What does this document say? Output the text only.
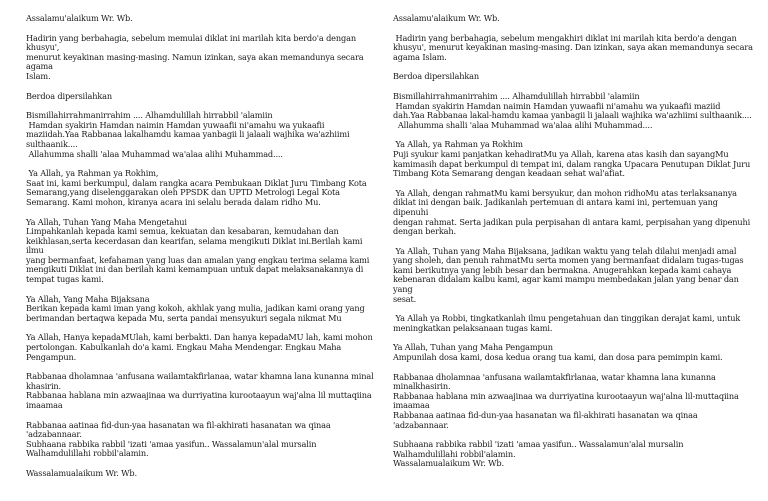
Assalamu'alaikum Wr. Wb.
Hadirin yang berbahagia, sebelum memulai diklat ini marilah kita berdo'a dengan khusyu',
menurut keyakinan masing-masing. Namun izinkan, saya akan memandunya secara agama
Islam.
Berdoa dipersilahkan
Bismillahirrahmanirrahim .... Alhamdulillah hirrabbil 'alamiin
Hamdan syakirin Hamdan naimin Hamdan yuwaafii ni'amahu wa yukaafii
maziidah.Yaa Rabbanaa lakalhamdu kamaa yanbagii li jalaali wajhika wa'azhiimi
sulthaanik....
Allahumma shalli 'alaa Muhammad wa'alaa alihi Muhammad....
Ya Allah, ya Rahman ya Rokhim,
Saat ini, kami berkumpul, dalam rangka acara Pembukaan Diklat Juru Timbang Kota
Semarang,yang diselenggarakan oleh PPSDK dan UPTD Metrologi Legal Kota
Semarang. Kami mohon, kiranya acara ini selalu berada dalam ridho Mu.
Ya Allah, Tuhan Yang Maha Mengetahui
Limpahkanlah kepada kami semua, kekuatan dan kesabaran, kemudahan dan
keikhlasan,serta kecerdasan dan kearifan, selama mengikuti Diklat ini.Berilah kami ilmu
yang bermanfaat, kefahaman yang luas dan amalan yang engkau terima selama kami
mengikuti Diklat ini dan berilah kami kemampuan untuk dapat melaksanakannya di
tempat tugas kami.
Ya Allah, Yang Maha Bijaksana
Berikan kepada kami iman yang kokoh, akhlak yang mulia, jadikan kami orang yang
berimandan bertaqwa kepada Mu, serta pandai mensyukuri segala nikmat Mu
Ya Allah, Hanya kepadaMUlah, kami berbakti. Dan hanya kepadaMU lah, kami mohon
pertolongan. Kabulkanlah do'a kami. Engkau Maha Mendengar. Engkau Maha Pengampun.
Rabbanaa dholamnaa 'anfusana wailamtakfirlanaa, watar khamna lana kunanna minal
khasirin.
Rabbanaa hablana min azwaajinaa wa durriyatina kurootaayun waj'alna lil muttaqiina
imaamaa
Rabbanaa aatinaa fid-dun-yaa hasanatan wa fil-akhirati hasanatan wa qinaa 'adzabannaar.
Subhaana rabbika rabbil 'izati 'amaa yasifun.. Wassalamun'alal mursalin
Walhamdulillahi robbil'alamin.
Wassalamualaikum Wr. Wb.
Assalamu'alaikum Wr. Wb.
Hadirin yang berbahagia, sebelum mengakhiri diklat ini marilah kita berdo'a dengan
khusyu', menurut keyakinan masing-masing. Dan izinkan, saya akan memandunya secara
agama Islam.
Berdoa dipersilahkan
Bismillahirrahmanirrahim .... Alhamdulillah hirrabbil 'alamiin
Hamdan syakirin Hamdan naimin Hamdan yuwaafii ni'amahu wa yukaafii maziid
dah.Yaa Rabbanaa lakal-hamdu kamaa yanbagii li jalaali wajhika wa'azhiimi sulthaanik....
Allahumma shalli 'alaa Muhammad wa'alaa alihi Muhammad....
Ya Allah, ya Rahman ya Rokhim
Puji syukur kami panjatkan kehadiratMu ya Allah, karena atas kasih dan sayangMu
kamimasih dapat berkumpul di tempat ini, dalam rangka Upacara Penutupan Diklat Juru
Timbang Kota Semarang dengan keadaan sehat wal'afiat.
Ya Allah, dengan rahmatMu kami bersyukur, dan mohon ridhoMu atas terlaksananya
diklat ini dengan baik. Jadikanlah pertemuan di antara kami ini, pertemuan yang dipenuhi
dengan rahmat. Serta jadikan pula perpisahan di antara kami, perpisahan yang dipenuhi
dengan berkah.
Ya Allah, Tuhan yang Maha Bijaksana, jadikan waktu yang telah dilalui menjadi amal
yang sholeh, dan penuh rahmatMu serta momen yang bermanfaat didalam tugas-tugas
kami berikutnya yang lebih besar dan bermakna. Anugerahkan kepada kami cahaya
kebenaran didalam kalbu kami, agar kami mampu membedakan jalan yang benar dan yang
sesat.
Ya Allah ya Robbi, tingkatkanlah ilmu pengetahuan dan tinggikan derajat kami, untuk
meningkatkan pelaksanaan tugas kami.
Ya Allah, Tuhan yang Maha Pengampun
Ampunilah dosa kami, dosa kedua orang tua kami, dan dosa para pemimpin kami.
Rabbanaa dholamnaa 'anfusana wailamtakfirlanaa, watar khamna lana kunanna
minalkhasirin.
Rabbanaa hablana min azwaajinaa wa durriyatina kurootaayun waj'alna lil-muttaqiina
imaamaa
Rabbanaa aatinaa fid-dun-yaa hasanatan wa fil-akhirati hasanatan wa qinaa 'adzabannaar.
Subhaana rabbika rabbil 'izati 'amaa yasifun.. Wassalamun'alal mursalin
Walhamdulillahi robbil'alamin.
Wassalamualaikum Wr. Wb.
